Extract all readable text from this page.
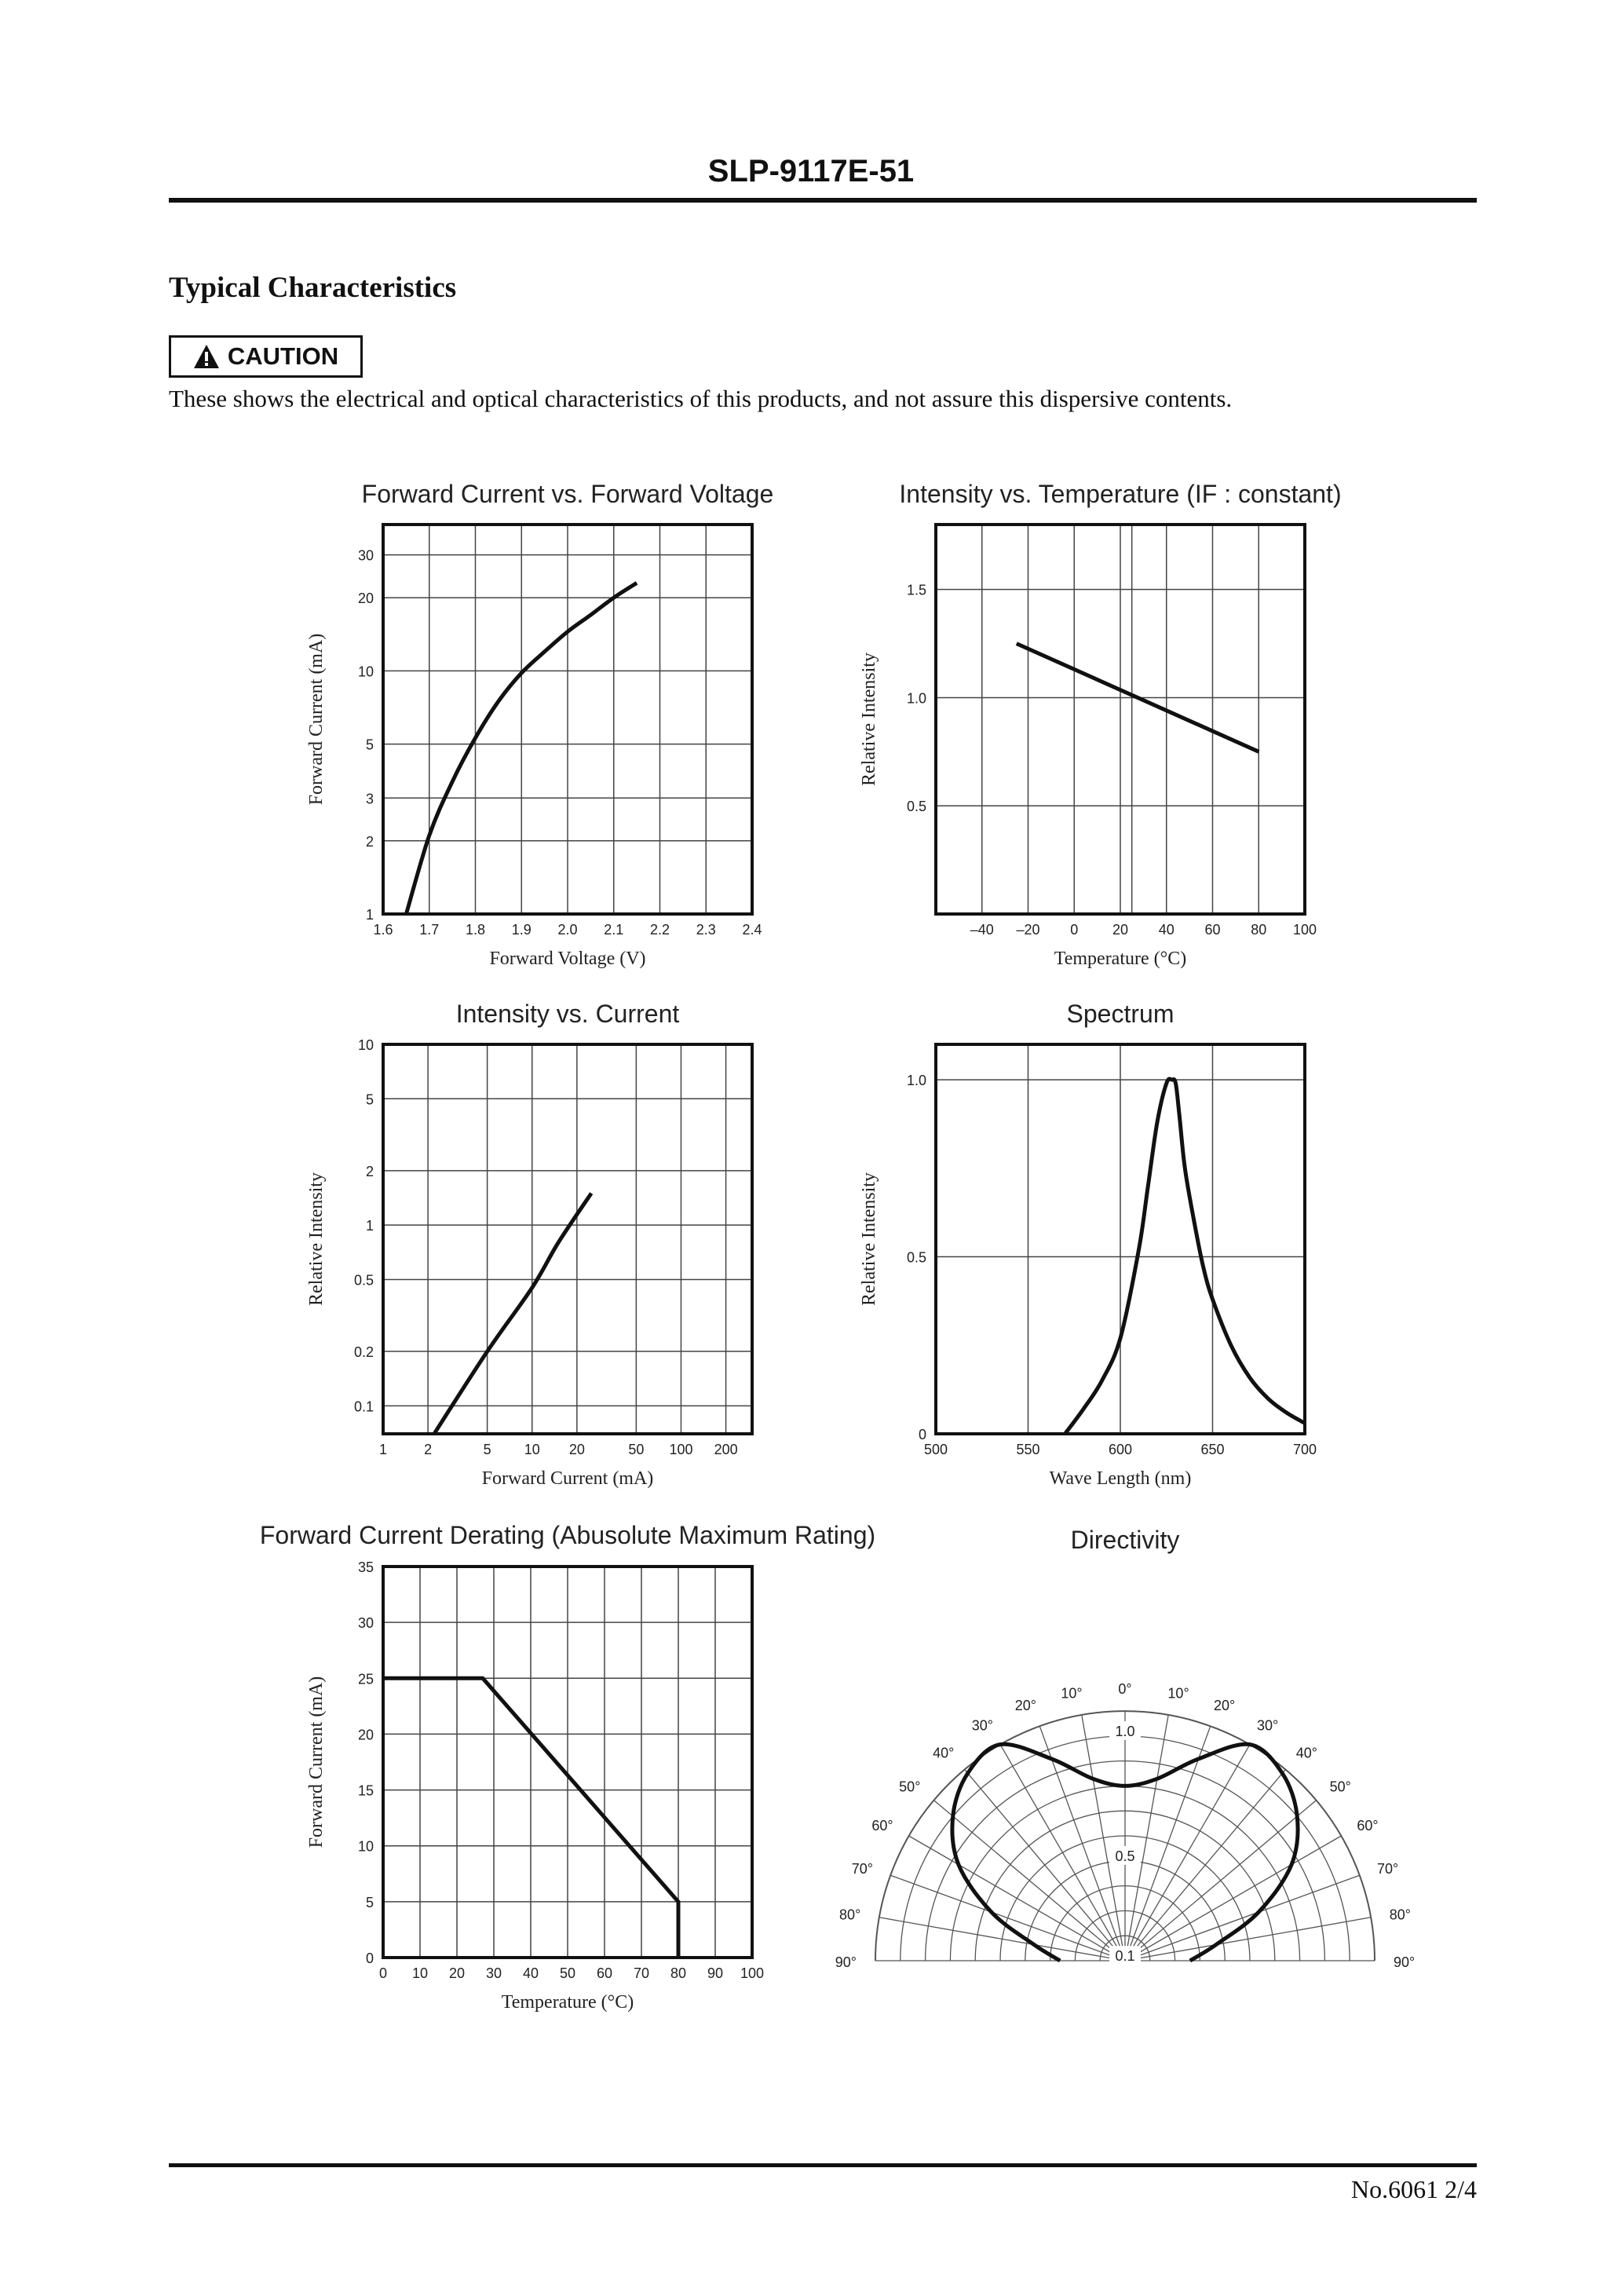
SLP-9117E-51
Typical Characteristics
CAUTION
These shows the electrical and optical characteristics of this products, and not assure this dispersive contents.
Forward Current vs. Forward Voltage
1.6 1.7 1.8 1.9 2.0 2.1 2.2 2.3 2.4
1
2
3
5
10
20
30
Forward Voltage (V)
Forward Current (mA)
Intensity vs. Temperature (IF : constant)
–40 –20 0 20 40 60 80 100
0.5
1.0
1.5
Temperature (°C)
Relative Intensity
Intensity vs. Current
1	2	5 10 20	50 100 200
0.1
0.2
0.5
1
2
5
10
Forward Current (mA)
Relative Intensity
Spectrum
500	550	600	650	700
0
0.5
1.0
Wave Length (nm)
Relative Intensity
Forward Current Derating (Abusolute Maximum Rating)
0 10 20 30 40 50 60 70 80 90 100
0
5
10
15
20
25
30
35
Temperature (°C)
Forward Current (mA)
Directivity
0°
10°	10°
20°	20°
30°	30°
40°	40°
50°	50°
60°	60°
70°	70°
80°	80°
90°	90°
1.0
0.5
0.1
No.6061 2/4
